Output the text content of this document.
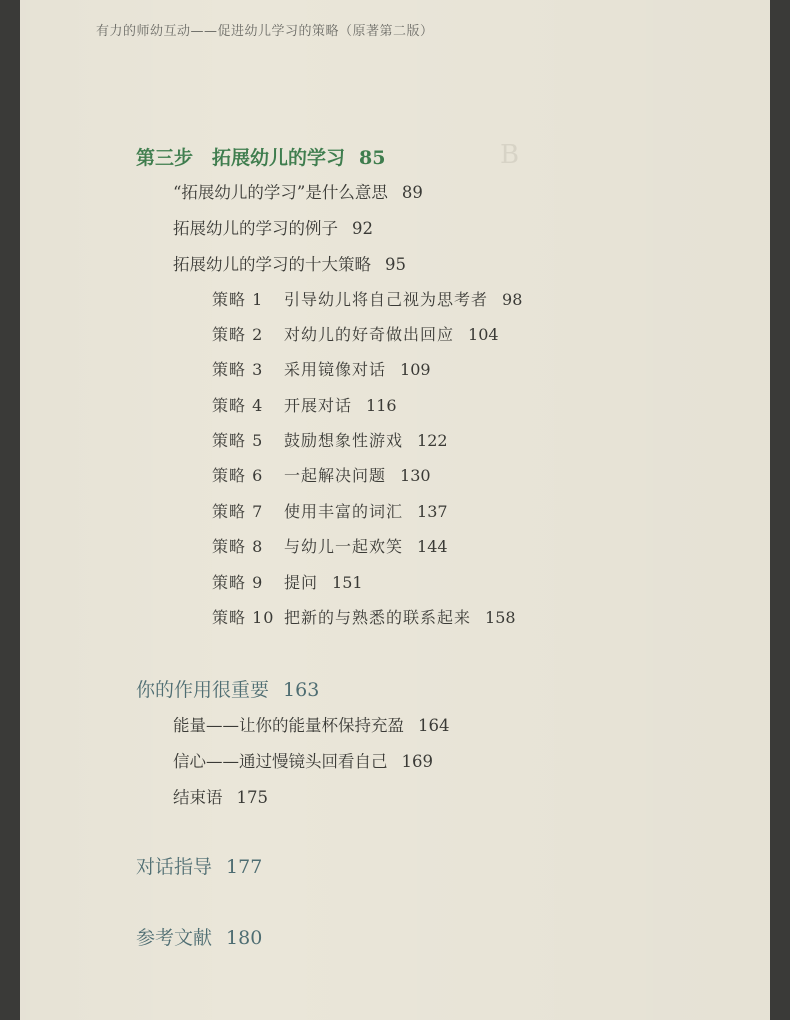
有力的师幼互动——促进幼儿学习的策略（原著第二版）
B
第三步　拓展幼儿的学习 85
“拓展幼儿的学习”是什么意思 89
拓展幼儿的学习的例子 92
拓展幼儿的学习的十大策略 95
策略 1 引导幼儿将自己视为思考者 98
策略 2 对幼儿的好奇做出回应 104
策略 3 采用镜像对话 109
策略 4 开展对话 116
策略 5 鼓励想象性游戏 122
策略 6 一起解决问题 130
策略 7 使用丰富的词汇 137
策略 8 与幼儿一起欢笑 144
策略 9 提问 151
策略 10 把新的与熟悉的联系起来 158
你的作用很重要 163
能量——让你的能量杯保持充盈 164
信心——通过慢镜头回看自己 169
结束语 175
对话指导 177
参考文献 180
